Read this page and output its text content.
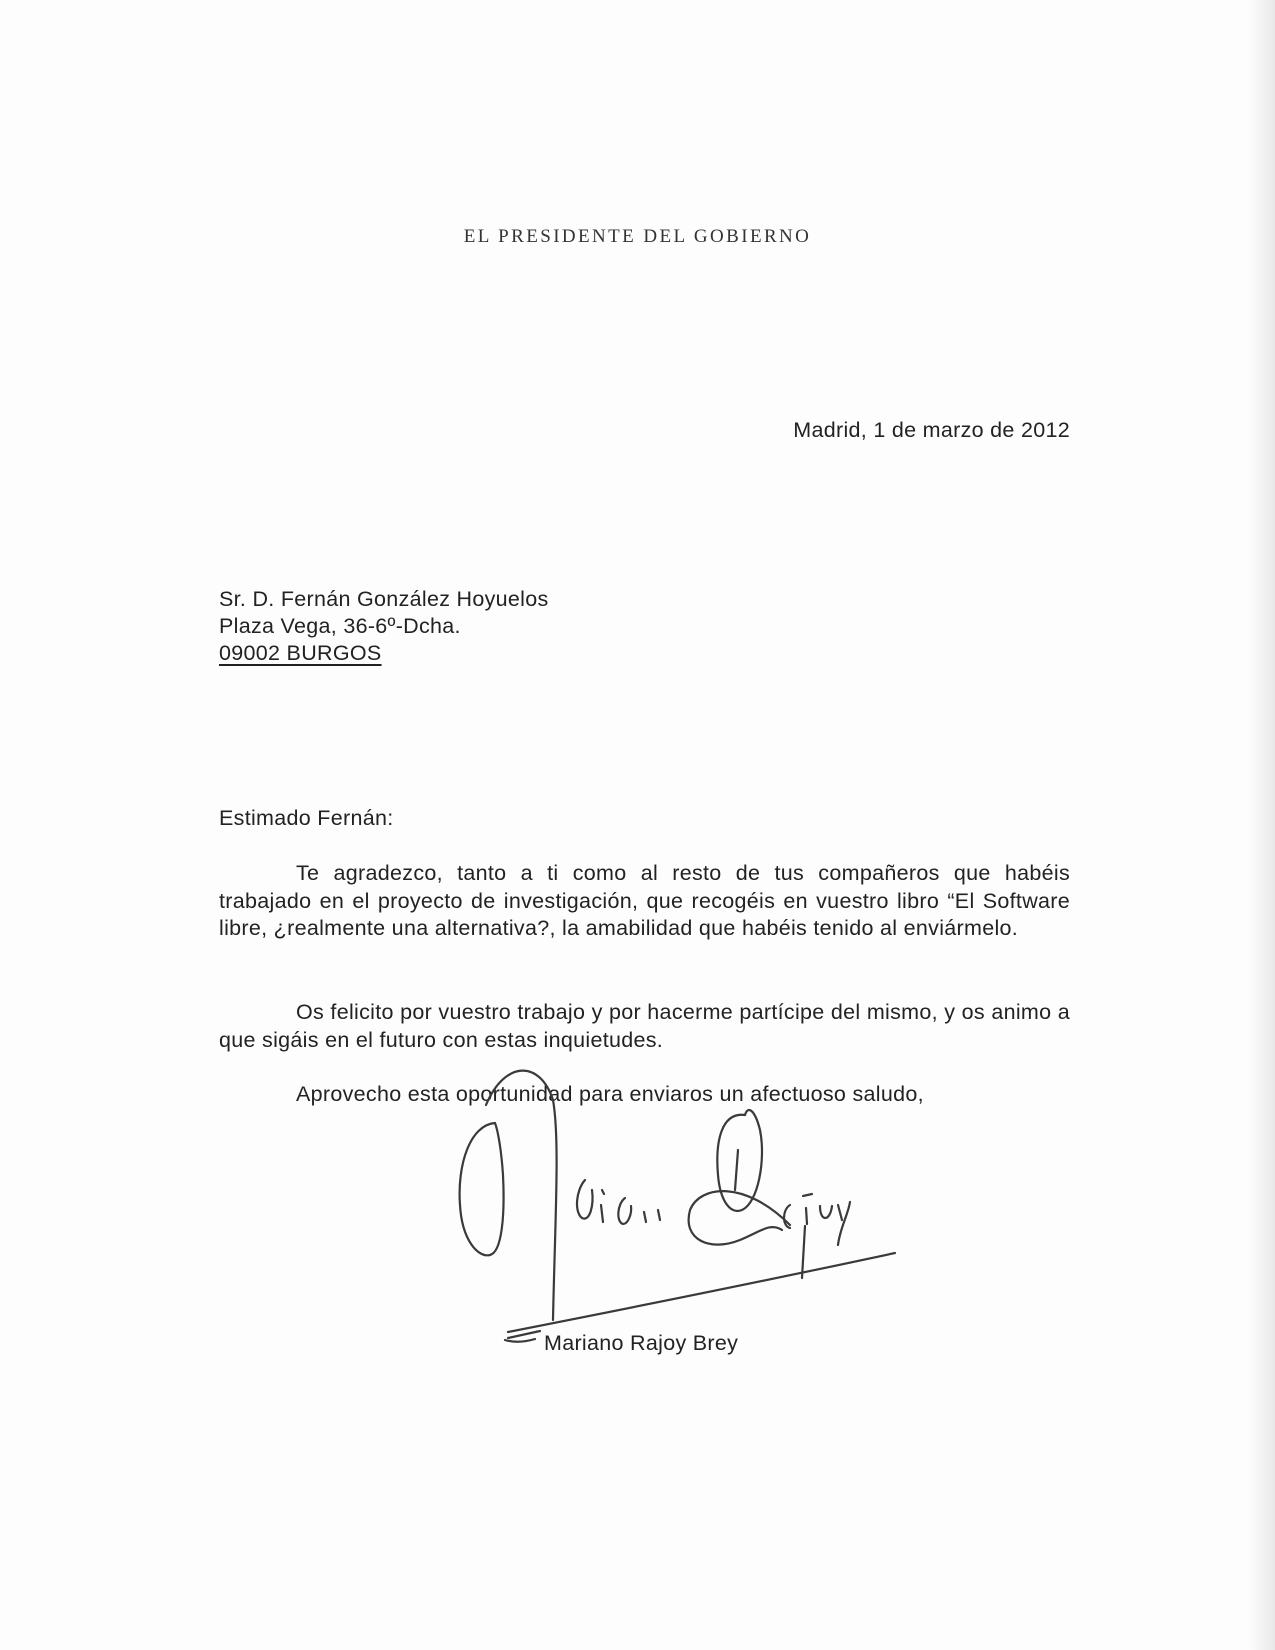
EL PRESIDENTE DEL GOBIERNO
Madrid, 1 de marzo de 2012
Sr. D. Fernán González Hoyuelos
Plaza Vega, 36-6º-Dcha.
09002 BURGOS
Estimado Fernán:

Te agradezco, tanto a ti como al resto de tus compañeros que habéis trabajado en el proyecto de investigación, que recogéis en vuestro libro “El Software libre, ¿realmente una alternativa?, la amabilidad que habéis tenido al enviármelo.

Os felicito por vuestro trabajo y por hacerme partícipe del mismo, y os animo a que sigáis en el futuro con estas inquietudes.

Aprovecho esta oportunidad para enviaros un afectuoso saludo,

Mariano Rajoy Brey
